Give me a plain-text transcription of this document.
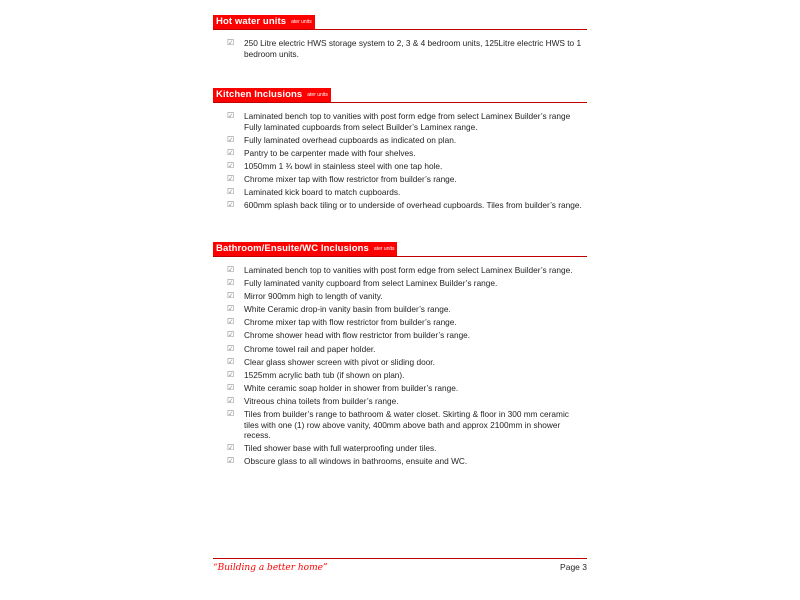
Hot water units	ater units
☑	250 Litre electric HWS storage system to 2, 3 & 4 bedroom units, 125Litre electric HWS to 1
bedroom units.
Kitchen Inclusions	ater units
☑	Laminated bench top to vanities with post form edge from select Laminex Builder’s range
Fully laminated cupboards from select Builder’s Laminex range.
☑	Fully laminated overhead cupboards as indicated on plan.
☑	Pantry to be carpenter made with four shelves.
☑	1050mm 1 ¾ bowl in stainless steel with one tap hole.
☑	Chrome mixer tap with flow restrictor from builder’s range.
☑	Laminated kick board to match cupboards.
☑	600mm splash back tiling or to underside of overhead cupboards. Tiles from builder’s range.
Bathroom/Ensuite/WC Inclusions	ater units
☑	Laminated bench top to vanities with post form edge from select Laminex Builder’s range.
☑	Fully laminated vanity cupboard from select Laminex Builder’s range.
☑	Mirror 900mm high to length of vanity.
☑	White Ceramic drop-in vanity basin from builder’s range.
☑	Chrome mixer tap with flow restrictor from builder’s range.
☑	Chrome shower head with flow restrictor from builder’s range.
☑	Chrome towel rail and paper holder.
☑	Clear glass shower screen with pivot or sliding door.
☑	1525mm acrylic bath tub (if shown on plan).
☑	White ceramic soap holder in shower from builder’s range.
☑	Vitreous china toilets from builder’s range.
☑	Tiles from builder’s range to bathroom & water closet. Skirting & floor in 300 mm ceramic
tiles with one (1) row above vanity, 400mm above bath and approx 2100mm in shower
recess.
☑	Tiled shower base with full waterproofing under tiles.
☑	Obscure glass to all windows in bathrooms, ensuite and WC.
“Building a better home”	Page 3
